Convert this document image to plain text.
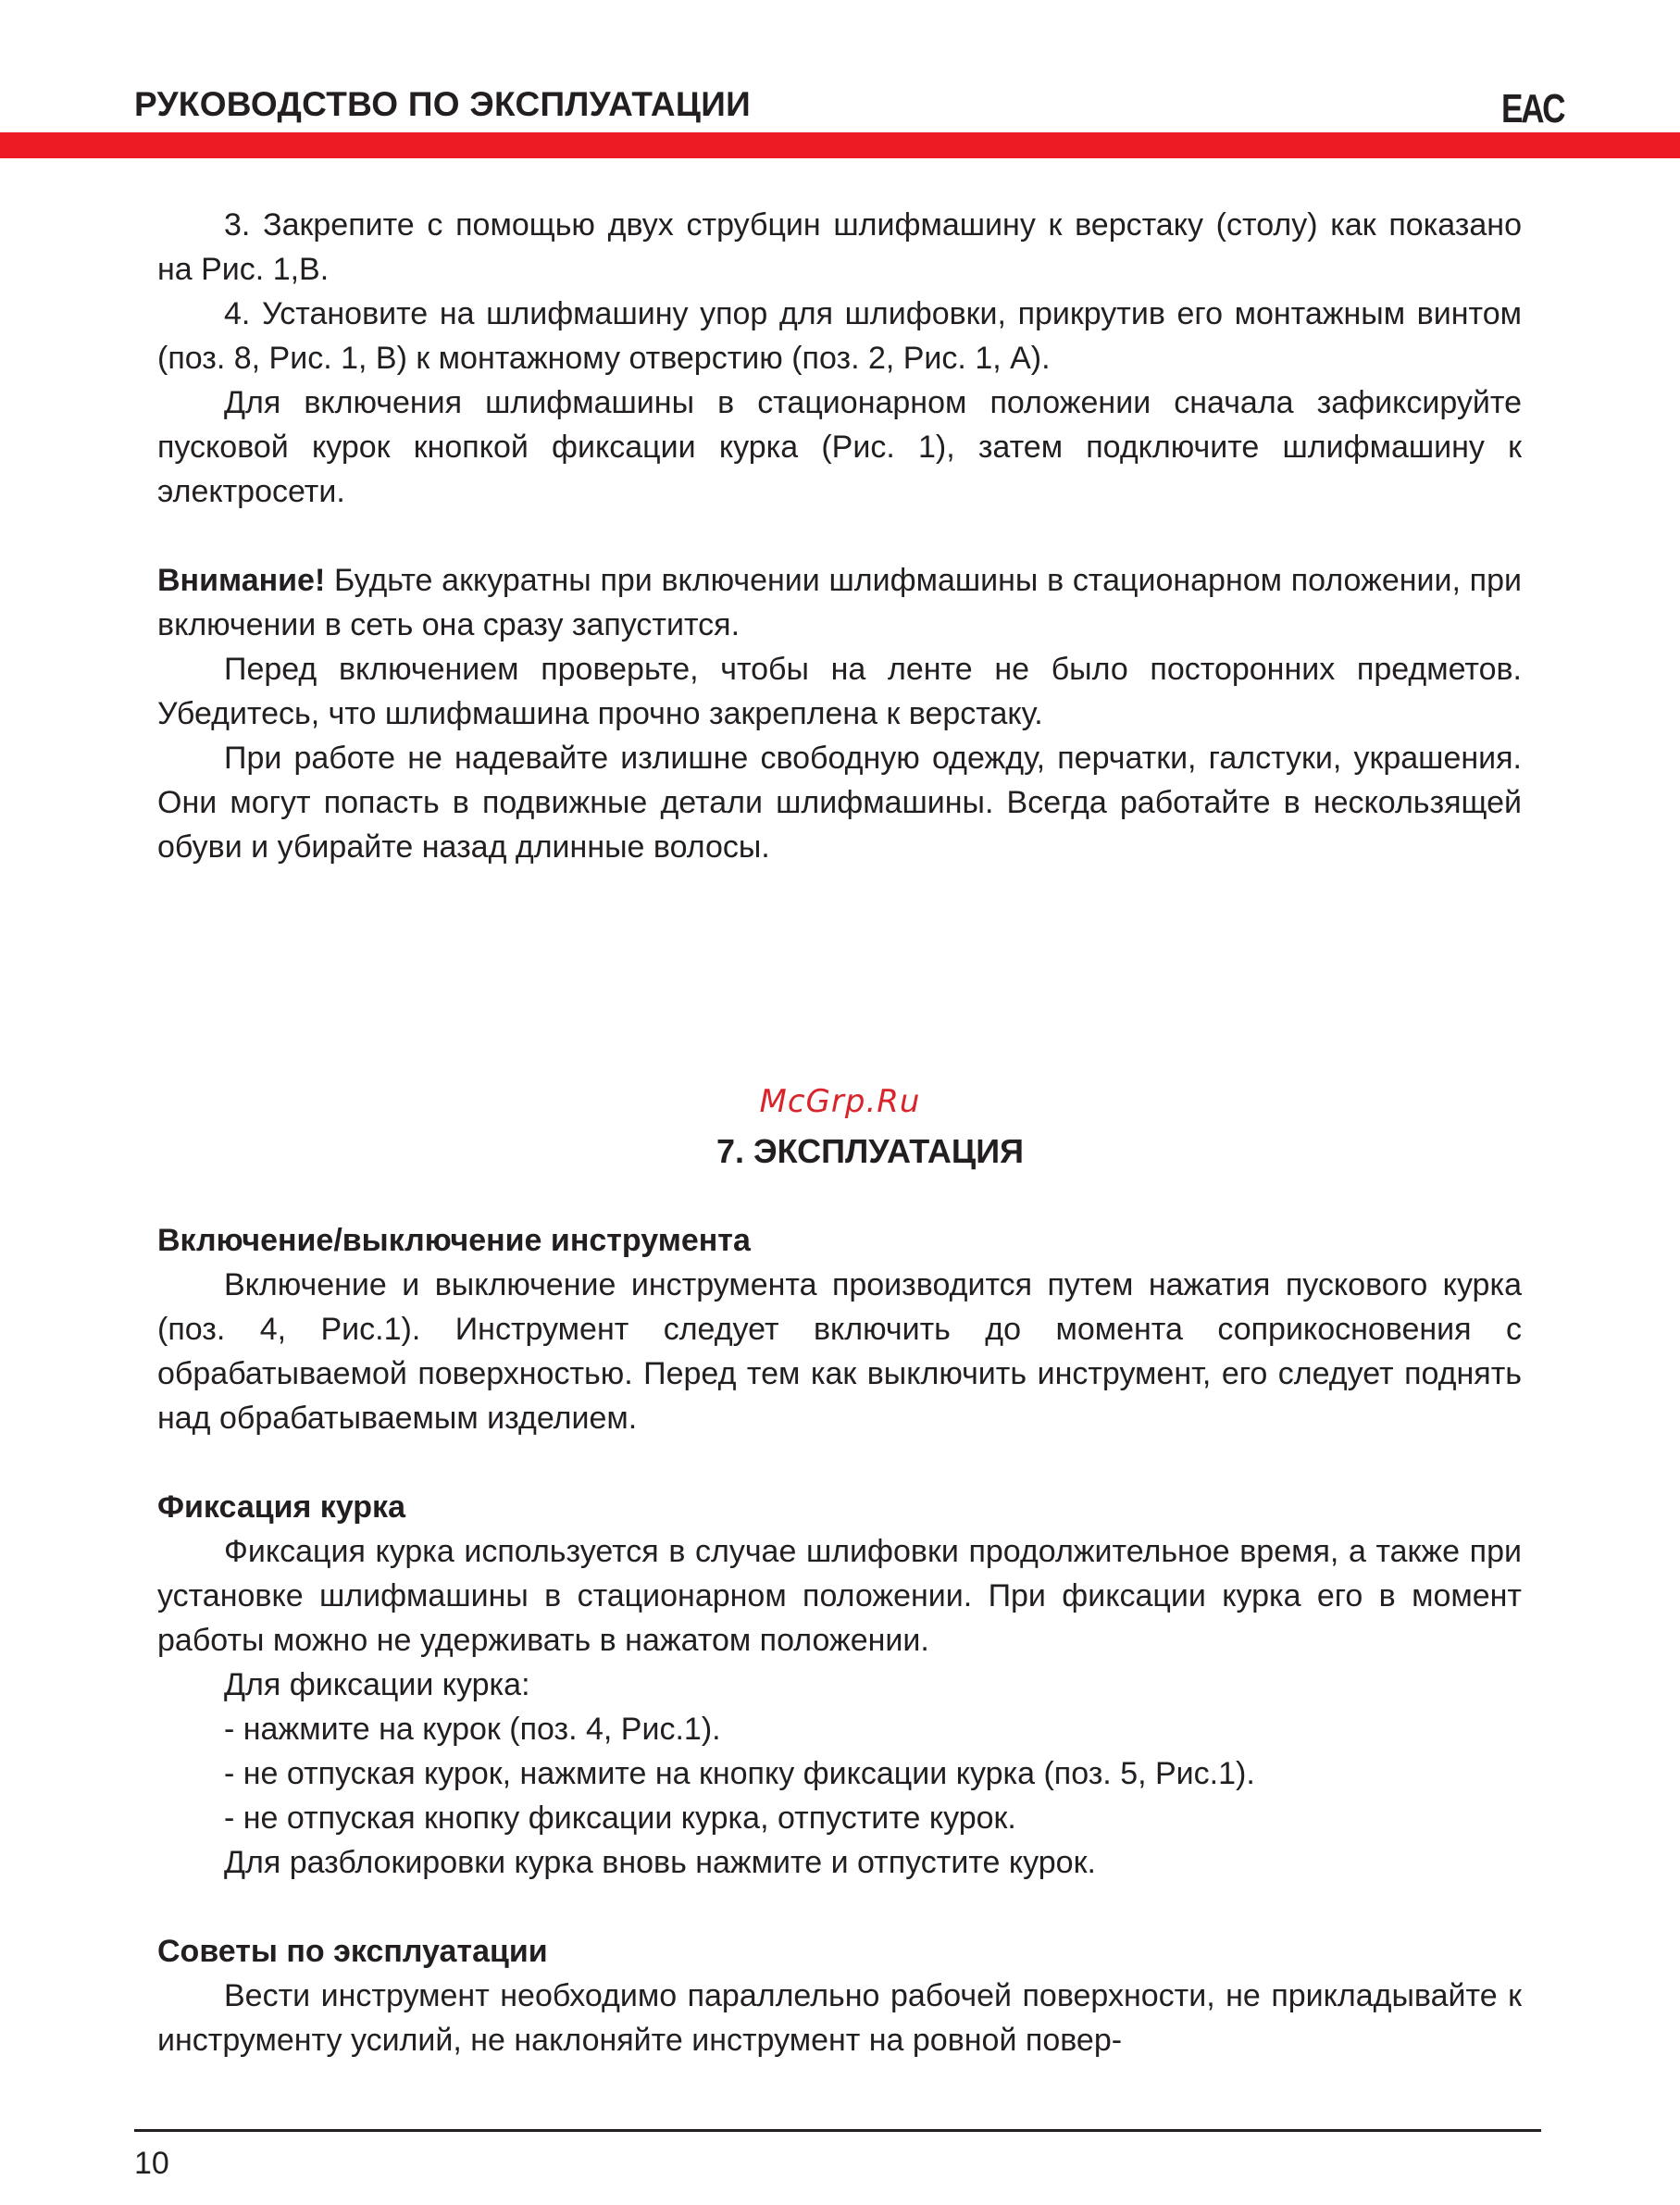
РУКОВОДСТВО ПО ЭКСПЛУАТАЦИИ	EAC

3. Закрепите с помощью двух струбцин шлифмашину к верстаку (столу) как показано на Рис. 1,В.

4. Установите на шлифмашину упор для шлифовки, прикрутив его монтажным винтом (поз. 8, Рис. 1, В) к монтажному отверстию (поз. 2, Рис. 1, А).

Для включения шлифмашины в стационарном положении сначала зафиксируйте пусковой курок кнопкой фиксации курка (Рис. 1), затем подключите шлифмашину к электросети.

Внимание! Будьте аккуратны при включении шлифмашины в стационарном положении, при включении в сеть она сразу запустится.

Перед включением проверьте, чтобы на ленте не было посторонних предметов. Убедитесь, что шлифмашина прочно закреплена к верстаку.

При работе не надевайте излишне свободную одежду, перчатки, галстуки, украшения. Они могут попасть в подвижные детали шлифмашины. Всегда работайте в нескользящей обуви и убирайте назад длинные волосы.

McGrp.Ru
7. ЭКСПЛУАТАЦИЯ

Включение/выключение инструмента

Включение и выключение инструмента производится путем нажатия пускового курка (поз. 4, Рис.1). Инструмент следует включить до момента соприкосновения с обрабатываемой поверхностью. Перед тем как выключить инструмент, его следует поднять над обрабатываемым изделием.

Фиксация курка

Фиксация курка используется в случае шлифовки продолжительное время, а также при установке шлифмашины в стационарном положении. При фиксации курка его в момент работы можно не удерживать в нажатом положении.

Для фиксации курка:

- нажмите на курок (поз. 4, Рис.1).

- не отпуская курок, нажмите на кнопку фиксации курка (поз. 5, Рис.1).

- не отпуская кнопку фиксации курка, отпустите курок.

Для разблокировки курка вновь нажмите и отпустите курок.

Советы по эксплуатации

Вести инструмент необходимо параллельно рабочей поверхности, не прикладывайте к инструменту усилий, не наклоняйте инструмент на ровной повер-

10
